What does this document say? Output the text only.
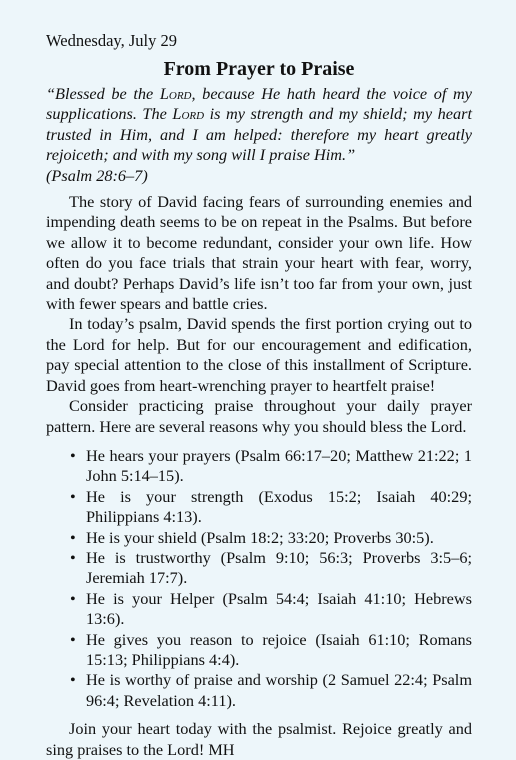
Wednesday, July 29

From Prayer to Praise

“Blessed be the Lord, because He hath heard the voice of my supplications. The Lord is my strength and my shield; my heart trusted in Him, and I am helped: therefore my heart greatly rejoiceth; and with my song will I praise Him.”

(Psalm 28:6–7)

The story of David facing fears of surrounding enemies and impending death seems to be on repeat in the Psalms. But before we allow it to become redundant, consider your own life. How often do you face trials that strain your heart with fear, worry, and doubt? Perhaps David’s life isn’t too far from your own, just with fewer spears and battle cries.

In today’s psalm, David spends the first portion crying out to the Lord for help. But for our encouragement and edification, pay special attention to the close of this installment of Scripture. David goes from heart-wrenching prayer to heartfelt praise!

Consider practicing praise throughout your daily prayer pattern. Here are several reasons why you should bless the Lord.

• He hears your prayers (Psalm 66:17–20; Matthew 21:22; 1 John 5:14–15).
• He is your strength (Exodus 15:2; Isaiah 40:29; Philippians 4:13).
• He is your shield (Psalm 18:2; 33:20; Proverbs 30:5).
• He is trustworthy (Psalm 9:10; 56:3; Proverbs 3:5–6; Jeremiah 17:7).
• He is your Helper (Psalm 54:4; Isaiah 41:10; Hebrews 13:6).
• He gives you reason to rejoice (Isaiah 61:10; Romans 15:13; Philippians 4:4).
• He is worthy of praise and worship (2 Samuel 22:4; Psalm 96:4; Revelation 4:11).

Join your heart today with the psalmist. Rejoice greatly and sing praises to the Lord! MH
